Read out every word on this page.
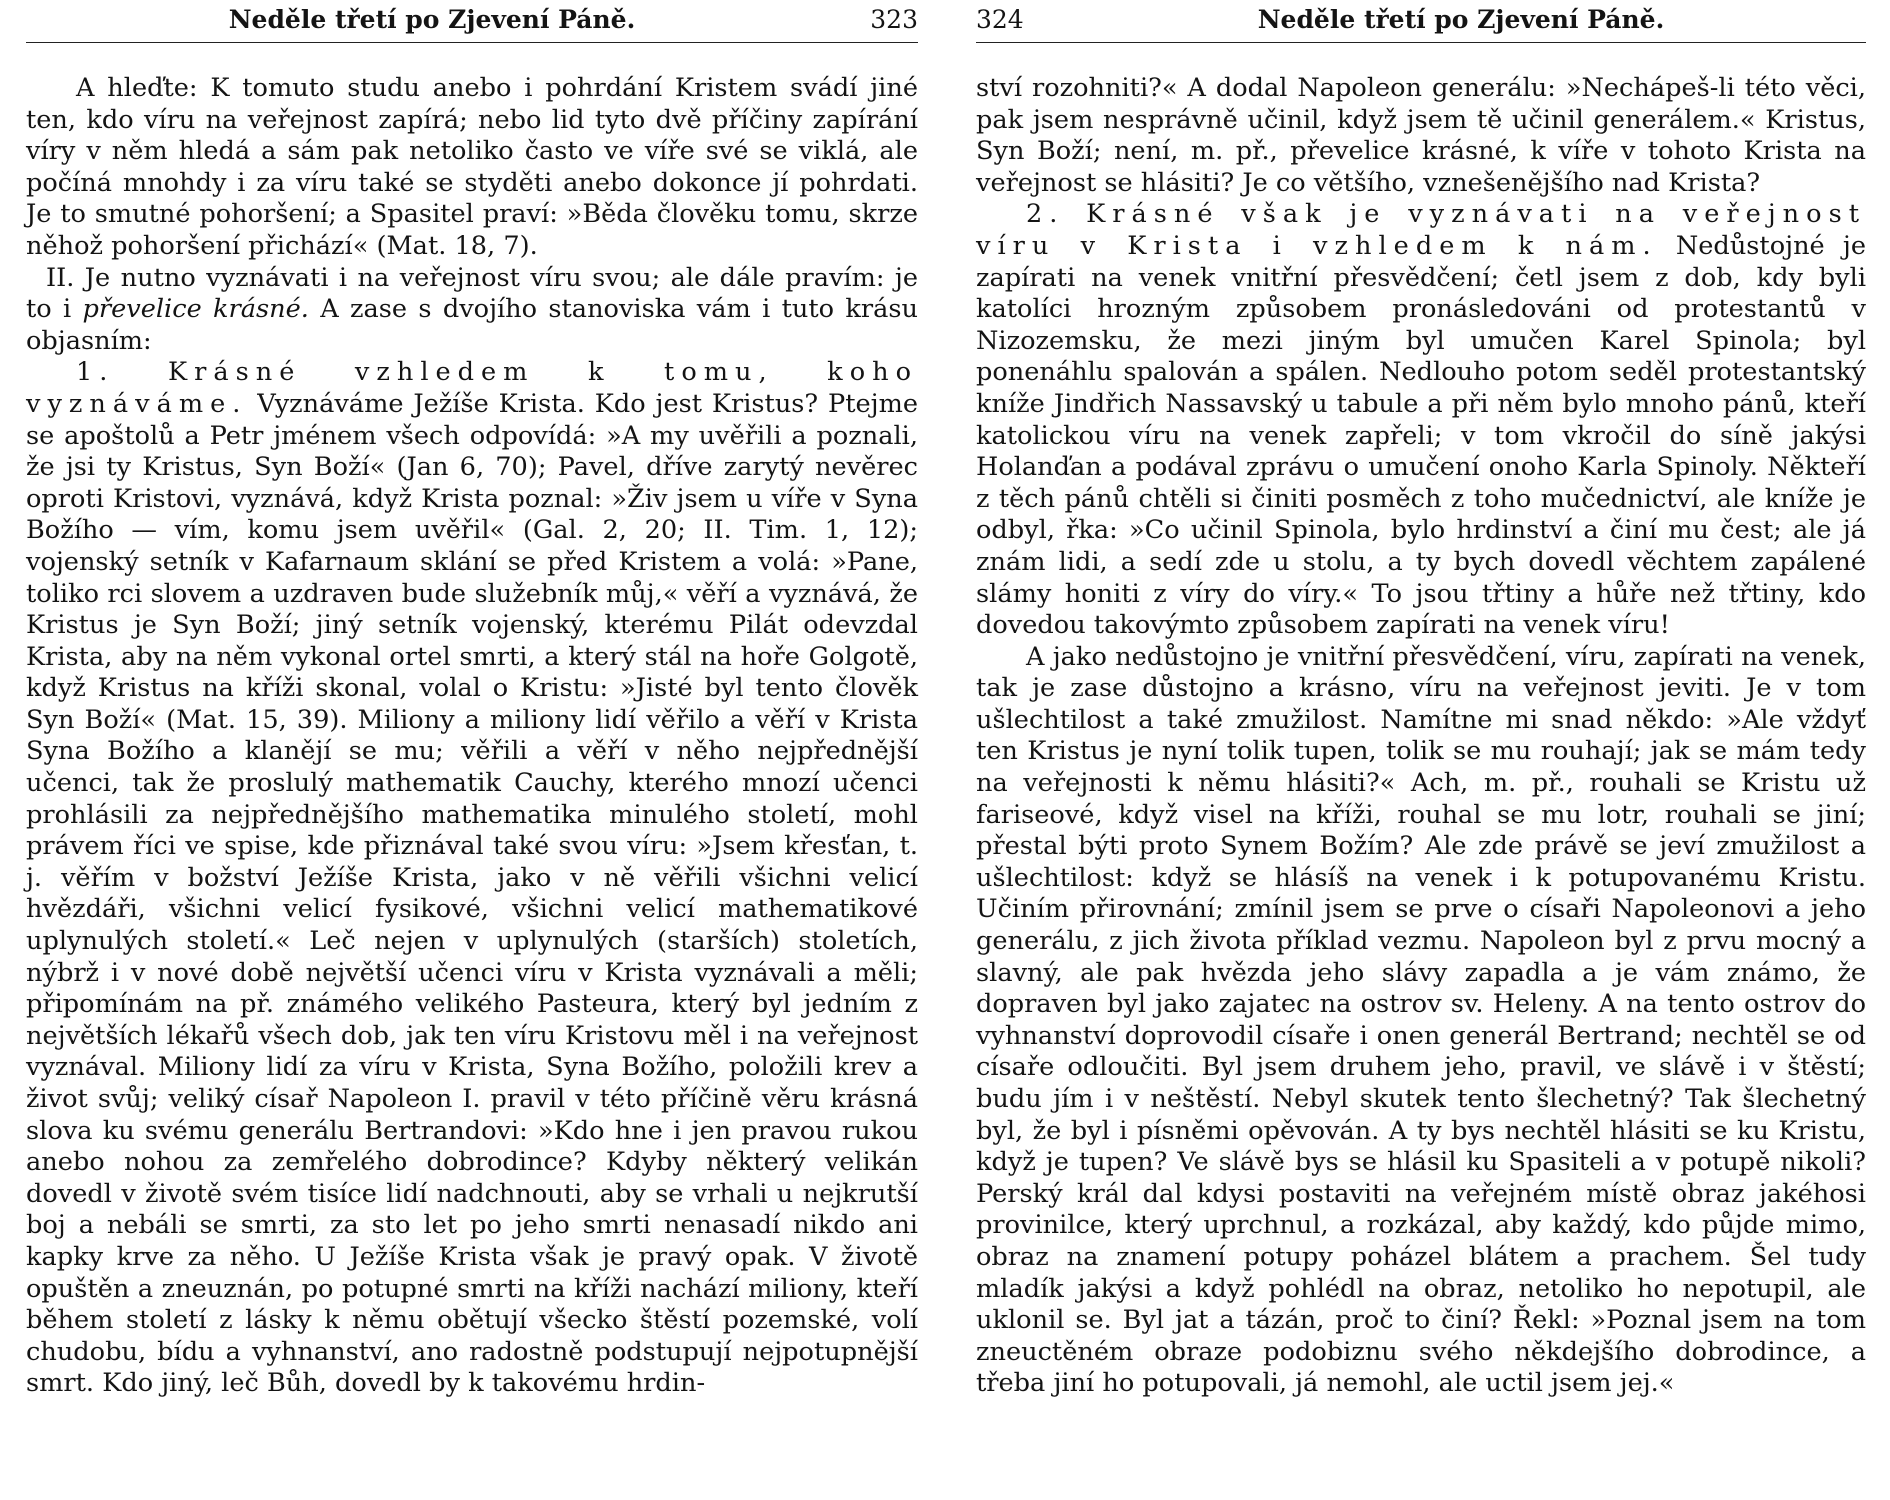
Neděle třetí po Zjevení Páně.	323

A hleďte: K tomuto studu anebo i pohrdání Kristem svádí jiné ten, kdo víru na veřejnost zapírá; nebo lid tyto dvě příčiny zapírání víry v něm hledá a sám pak netoliko často ve víře své se viklá, ale počíná mnohdy i za víru také se styděti anebo dokonce jí pohrdati. Je to smutné pohoršení; a Spasitel praví: »Běda člověku tomu, skrze něhož pohoršení přichází« (Mat. 18, 7).

II. Je nutno vyznávati i na veřejnost víru svou; ale dále pravím: je to i převelice krásné. A zase s dvojího stanoviska vám i tuto krásu objasním:

1. Krásné vzhledem k tomu, koho vyznáváme. Vyznáváme Ježíše Krista. Kdo jest Kristus? Ptejme se apoštolů a Petr jménem všech odpovídá: »A my uvěřili a poznali, že jsi ty Kristus, Syn Boží« (Jan 6, 70); Pavel, dříve zarytý nevěrec oproti Kristovi, vyznává, když Krista poznal: »Živ jsem u víře v Syna Božího — vím, komu jsem uvěřil« (Gal. 2, 20; II. Tim. 1, 12); vojenský setník v Kafarnaum sklání se před Kristem a volá: »Pane, toliko rci slovem a uzdraven bude služebník můj,« věří a vyznává, že Kristus je Syn Boží; jiný setník vojenský, kterému Pilát odevzdal Krista, aby na něm vykonal ortel smrti, a který stál na hoře Golgotě, když Kristus na kříži skonal, volal o Kristu: »Jisté byl tento člověk Syn Boží« (Mat. 15, 39). Miliony a miliony lidí věřilo a věří v Krista Syna Božího a klanějí se mu; věřili a věří v něho nejpřednější učenci, tak že proslulý mathematik Cauchy, kterého mnozí učenci prohlásili za nejpřednějšího mathematika minulého století, mohl právem říci ve spise, kde přiznával také svou víru: »Jsem křesťan, t. j. věřím v božství Ježíše Krista, jako v ně věřili všichni velicí hvězdáři, všichni velicí fysikové, všichni velicí mathematikové uplynulých století.« Leč nejen v uplynulých (starších) stoletích, nýbrž i v nové době největší učenci víru v Krista vyznávali a měli; připomínám na př. známého velikého Pasteura, který byl jedním z největších lékařů všech dob, jak ten víru Kristovu měl i na veřejnost vyznával. Miliony lidí za víru v Krista, Syna Božího, položili krev a život svůj; veliký císař Napoleon I. pravil v této příčině věru krásná slova ku svému generálu Bertrandovi: »Kdo hne i jen pravou rukou anebo nohou za zemřelého dobrodince? Kdyby některý velikán dovedl v životě svém tisíce lidí nadchnouti, aby se vrhali u nejkrutší boj a nebáli se smrti, za sto let po jeho smrti nenasadí nikdo ani kapky krve za něho. U Ježíše Krista však je pravý opak. V životě opuštěn a zneuznán, po potupné smrti na kříži nachází miliony, kteří během století z lásky k němu obětují všecko štěstí pozemské, volí chudobu, bídu a vyhnanství, ano radostně podstupují nejpotupnější smrt. Kdo jiný, leč Bůh, dovedl by k takovému hrdin-

324	Neděle třetí po Zjevení Páně.

ství rozohniti?« A dodal Napoleon generálu: »Nechápeš-li této věci, pak jsem nesprávně učinil, když jsem tě učinil generálem.« Kristus, Syn Boží; není, m. př., převelice krásné, k víře v tohoto Krista na veřejnost se hlásiti? Je co většího, vznešenějšího nad Krista?

2. Krásné však je vyznávati na veřejnost víru v Krista i vzhledem k nám. Nedůstojné je zapírati na venek vnitřní přesvědčení; četl jsem z dob, kdy byli katolíci hrozným způsobem pronásledováni od protestantů v Nizozemsku, že mezi jiným byl umučen Karel Spinola; byl ponenáhlu spalován a spálen. Nedlouho potom seděl protestantský kníže Jindřich Nassavský u tabule a při něm bylo mnoho pánů, kteří katolickou víru na venek zapřeli; v tom vkročil do síně jakýsi Holanďan a podával zprávu o umučení onoho Karla Spinoly. Někteří z těch pánů chtěli si činiti posměch z toho mučednictví, ale kníže je odbyl, řka: »Co učinil Spinola, bylo hrdinství a činí mu čest; ale já znám lidi, a sedí zde u stolu, a ty bych dovedl věchtem zapálené slámy honiti z víry do víry.« To jsou třtiny a hůře než třtiny, kdo dovedou takovýmto způsobem zapírati na venek víru!

A jako nedůstojno je vnitřní přesvědčení, víru, zapírati na venek, tak je zase důstojno a krásno, víru na veřejnost jeviti. Je v tom ušlechtilost a také zmužilost. Namítne mi snad někdo: »Ale vždyť ten Kristus je nyní tolik tupen, tolik se mu rouhají; jak se mám tedy na veřejnosti k němu hlásiti?« Ach, m. př., rouhali se Kristu už fariseové, když visel na kříži, rouhal se mu lotr, rouhali se jiní; přestal býti proto Synem Božím? Ale zde právě se jeví zmužilost a ušlechtilost: když se hlásíš na venek i k potupovanému Kristu. Učiním přirovnání; zmínil jsem se prve o císaři Napoleonovi a jeho generálu, z jich života příklad vezmu. Napoleon byl z prvu mocný a slavný, ale pak hvězda jeho slávy zapadla a je vám známo, že dopraven byl jako zajatec na ostrov sv. Heleny. A na tento ostrov do vyhnanství doprovodil císaře i onen generál Bertrand; nechtěl se od císaře odloučiti. Byl jsem druhem jeho, pravil, ve slávě i v štěstí; budu jím i v neštěstí. Nebyl skutek tento šlechetný? Tak šlechetný byl, že byl i písněmi opěvován. A ty bys nechtěl hlásiti se ku Kristu, když je tupen? Ve slávě bys se hlásil ku Spasiteli a v potupě nikoli? Perský král dal kdysi postaviti na veřejném místě obraz jakéhosi provinilce, který uprchnul, a rozkázal, aby každý, kdo půjde mimo, obraz na znamení potupy poházel blátem a prachem. Šel tudy mladík jakýsi a když pohlédl na obraz, netoliko ho nepotupil, ale uklonil se. Byl jat a tázán, proč to činí? Řekl: »Poznal jsem na tom zneuctěném obraze podobiznu svého někdejšího dobrodince, a třeba jiní ho potupovali, já nemohl, ale uctil jsem jej.«
